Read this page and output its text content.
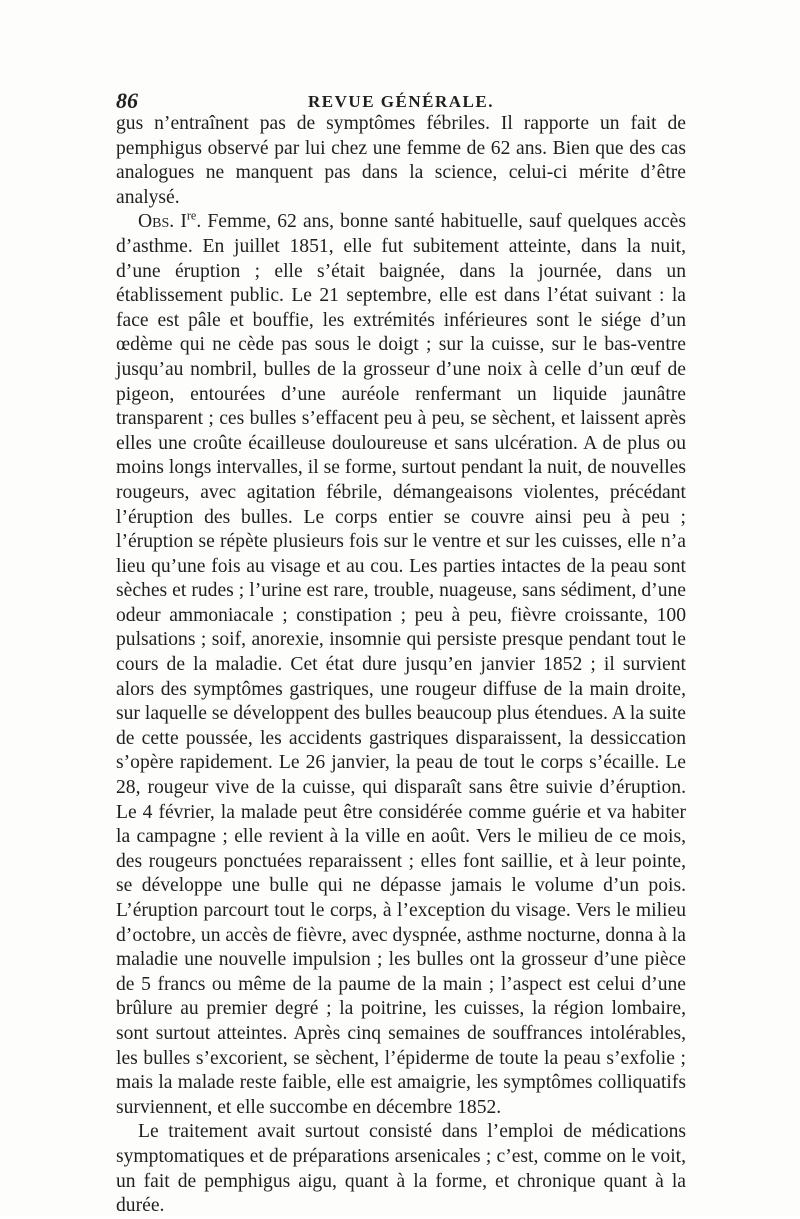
86	REVUE GÉNÉRALE.

gus n’entraînent pas de symptômes fébriles. Il rapporte un fait de pemphigus observé par lui chez une femme de 62 ans. Bien que des cas analogues ne manquent pas dans la science, celui-ci mérite d’être analysé.

Obs. Ire. Femme, 62 ans, bonne santé habituelle, sauf quelques accès d’asthme. En juillet 1851, elle fut subitement atteinte, dans la nuit, d’une éruption ; elle s’était baignée, dans la journée, dans un établissement public. Le 21 septembre, elle est dans l’état suivant : la face est pâle et bouffie, les extrémités inférieures sont le siége d’un œdème qui ne cède pas sous le doigt ; sur la cuisse, sur le bas-ventre jusqu’au nombril, bulles de la grosseur d’une noix à celle d’un œuf de pigeon, entourées d’une auréole renfermant un liquide jaunâtre transparent ; ces bulles s’effacent peu à peu, se sèchent, et laissent après elles une croûte écailleuse douloureuse et sans ulcération. A de plus ou moins longs intervalles, il se forme, surtout pendant la nuit, de nouvelles rougeurs, avec agitation fébrile, démangeaisons violentes, précédant l’éruption des bulles. Le corps entier se couvre ainsi peu à peu ; l’éruption se répète plusieurs fois sur le ventre et sur les cuisses, elle n’a lieu qu’une fois au visage et au cou. Les parties intactes de la peau sont sèches et rudes ; l’urine est rare, trouble, nuageuse, sans sédiment, d’une odeur ammoniacale ; constipation ; peu à peu, fièvre croissante, 100 pulsations ; soif, anorexie, insomnie qui persiste presque pendant tout le cours de la maladie. Cet état dure jusqu’en janvier 1852 ; il survient alors des symptômes gastriques, une rougeur diffuse de la main droite, sur laquelle se développent des bulles beaucoup plus étendues. A la suite de cette poussée, les accidents gastriques disparaissent, la dessiccation s’opère rapidement. Le 26 janvier, la peau de tout le corps s’écaille. Le 28, rougeur vive de la cuisse, qui disparaît sans être suivie d’éruption. Le 4 février, la malade peut être considérée comme guérie et va habiter la campagne ; elle revient à la ville en août. Vers le milieu de ce mois, des rougeurs ponctuées reparaissent ; elles font saillie, et à leur pointe, se développe une bulle qui ne dépasse jamais le volume d’un pois. L’éruption parcourt tout le corps, à l’exception du visage. Vers le milieu d’octobre, un accès de fièvre, avec dyspnée, asthme nocturne, donna à la maladie une nouvelle impulsion ; les bulles ont la grosseur d’une pièce de 5 francs ou même de la paume de la main ; l’aspect est celui d’une brûlure au premier degré ; la poitrine, les cuisses, la région lombaire, sont surtout atteintes. Après cinq semaines de souffrances intolérables, les bulles s’excorient, se sèchent, l’épiderme de toute la peau s’exfolie ; mais la malade reste faible, elle est amaigrie, les symptômes colliquatifs surviennent, et elle succombe en décembre 1852.

Le traitement avait surtout consisté dans l’emploi de médications symptomatiques et de préparations arsenicales ; c’est, comme on le voit, un fait de pemphigus aigu, quant à la forme, et chronique quant à la durée.
